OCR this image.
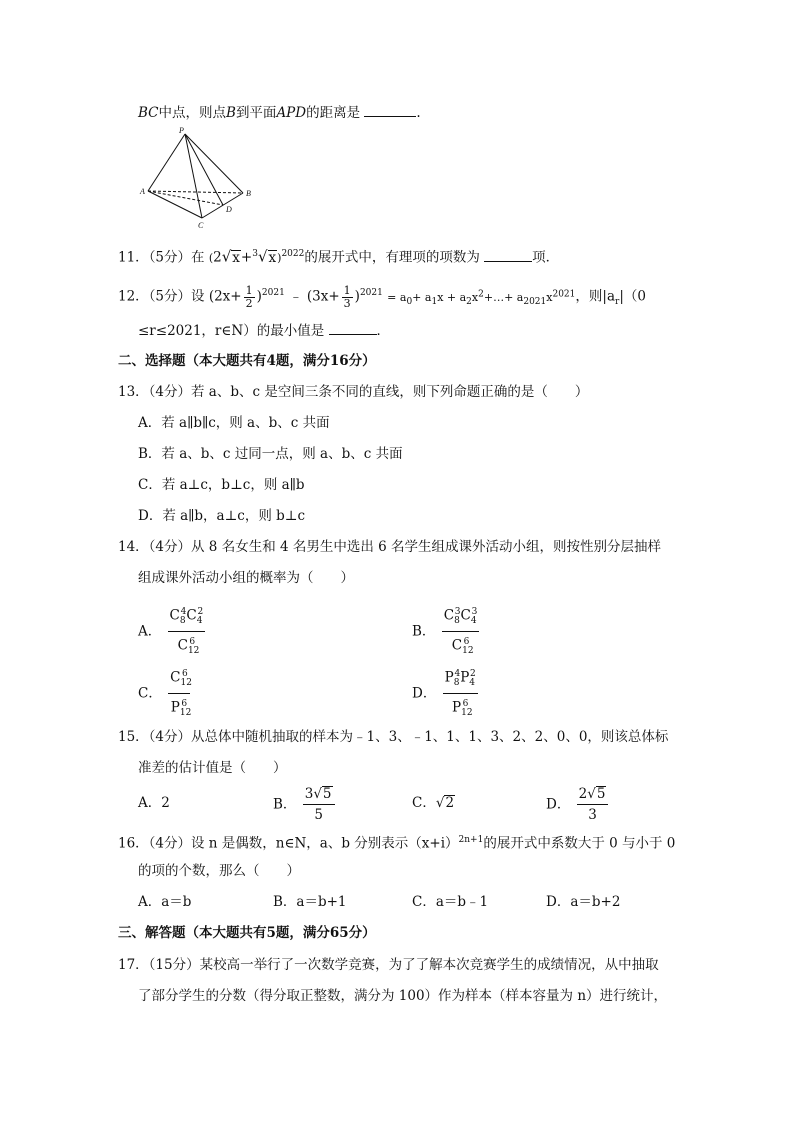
BC中点，则点B到平面APD的距离是	.
P
A	B
C
D
11．（5分）在 $(2√x+^3√x)^{2022}$的展开式中，有理项的项数为	项．
12．（5分）设 $(2x+ \frac{1}{2} )^{2021}$ ﹣ $(3x+ \frac{1}{3} )^{2021} = a_0+ a_1x$ + $a_2x^2+\dots+ a_{2021}x^{2021}$，则$|a_r|(0$
≤r≤2021，r∈N）的最小值是	．
二、选择题（本大题共有4题，满分16分）
13．（4分）若 a、b、c 是空间三条不同的直线，则下列命题正确的是（　　）
A．若 a∥b∥c，则 a、b、c 共面
B．若 a、b、c 过同一点，则 a、b、c 共面
C．若 a⊥c，b⊥c，则 a∥b
D．若 a∥b，a⊥c，则 b⊥c
14．（4分）从 8 名女生和 4 名男生中选出 6 名学生组成课外活动小组，则按性别分层抽样
组成课外活动小组的概率为（　　）
A． $\frac{C_8^4C_4^2}{C_{12}^6}$	B． $\frac{C_8^3C_4^3}{C_{12}^6}$
C． $\frac{C_{12}^6}{P_{12}^6}$	D． $\frac{P_8^4P_4^2}{P_{12}^6}$
15．（4分）从总体中随机抽取的样本为﹣1、3、﹣1、1、1、3、2、2、0、0，则该总体标
准差的估计值是（　　）
A．2	B． $\frac{3√5}{5}$	C．√2	D． $\frac{2√5}{3}$
16．（4分）设 n 是偶数，n∈N，a、b 分别表示$(x+i)^{2n+1}$的展开式中系数大于 0 与小于 0
的项的个数，那么（　　）
A．a＝b	B．a＝b+1	C．a＝b﹣1	D．a＝b+2
三、解答题（本大题共有5题，满分65分）
17．（15分）某校高一举行了一次数学竞赛，为了了解本次竞赛学生的成绩情况，从中抽取
了部分学生的分数（得分取正整数，满分为 100）作为样本（样本容量为 n）进行统计，
